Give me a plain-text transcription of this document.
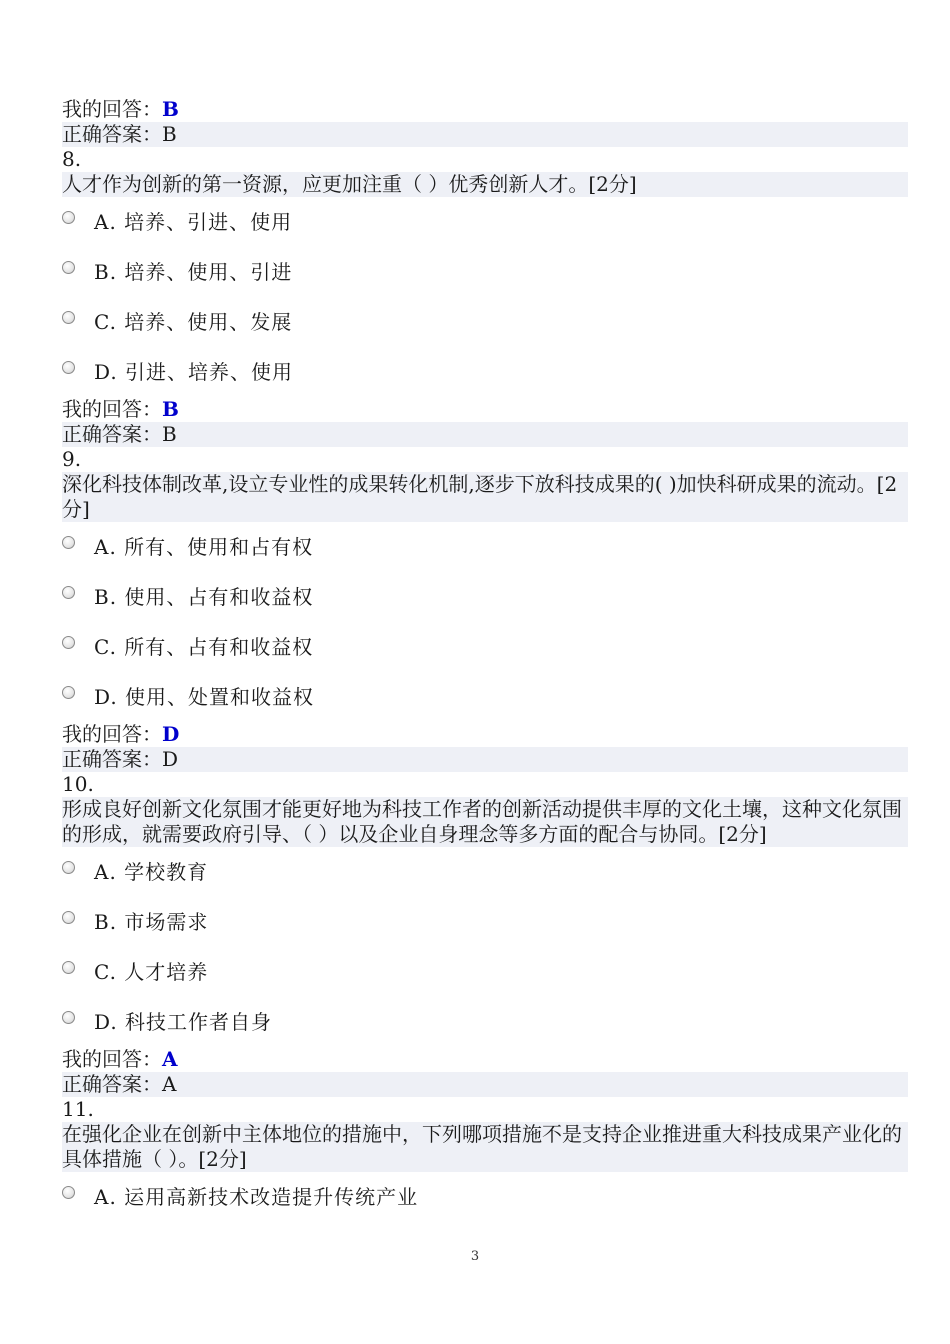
我的回答：B
正确答案：B
8.
人才作为创新的第一资源，应更加注重（ ）优秀创新人才。[2分]
A. 培养、引进、使用
B. 培养、使用、引进
C. 培养、使用、发展
D. 引进、培养、使用
我的回答：B
正确答案：B
9.
深化科技体制改革,设立专业性的成果转化机制,逐步下放科技成果的( )加快科研成果的流动。[2分]
A. 所有、使用和占有权
B. 使用、占有和收益权
C. 所有、占有和收益权
D. 使用、处置和收益权
我的回答：D
正确答案：D
10.
形成良好创新文化氛围才能更好地为科技工作者的创新活动提供丰厚的文化土壤，这种文化氛围的形成，就需要政府引导、（ ）以及企业自身理念等多方面的配合与协同。[2分]
A. 学校教育
B. 市场需求
C. 人才培养
D. 科技工作者自身
我的回答：A
正确答案：A
11.
在强化企业在创新中主体地位的措施中，下列哪项措施不是支持企业推进重大科技成果产业化的具体措施（ ）。[2分]
A. 运用高新技术改造提升传统产业
3
